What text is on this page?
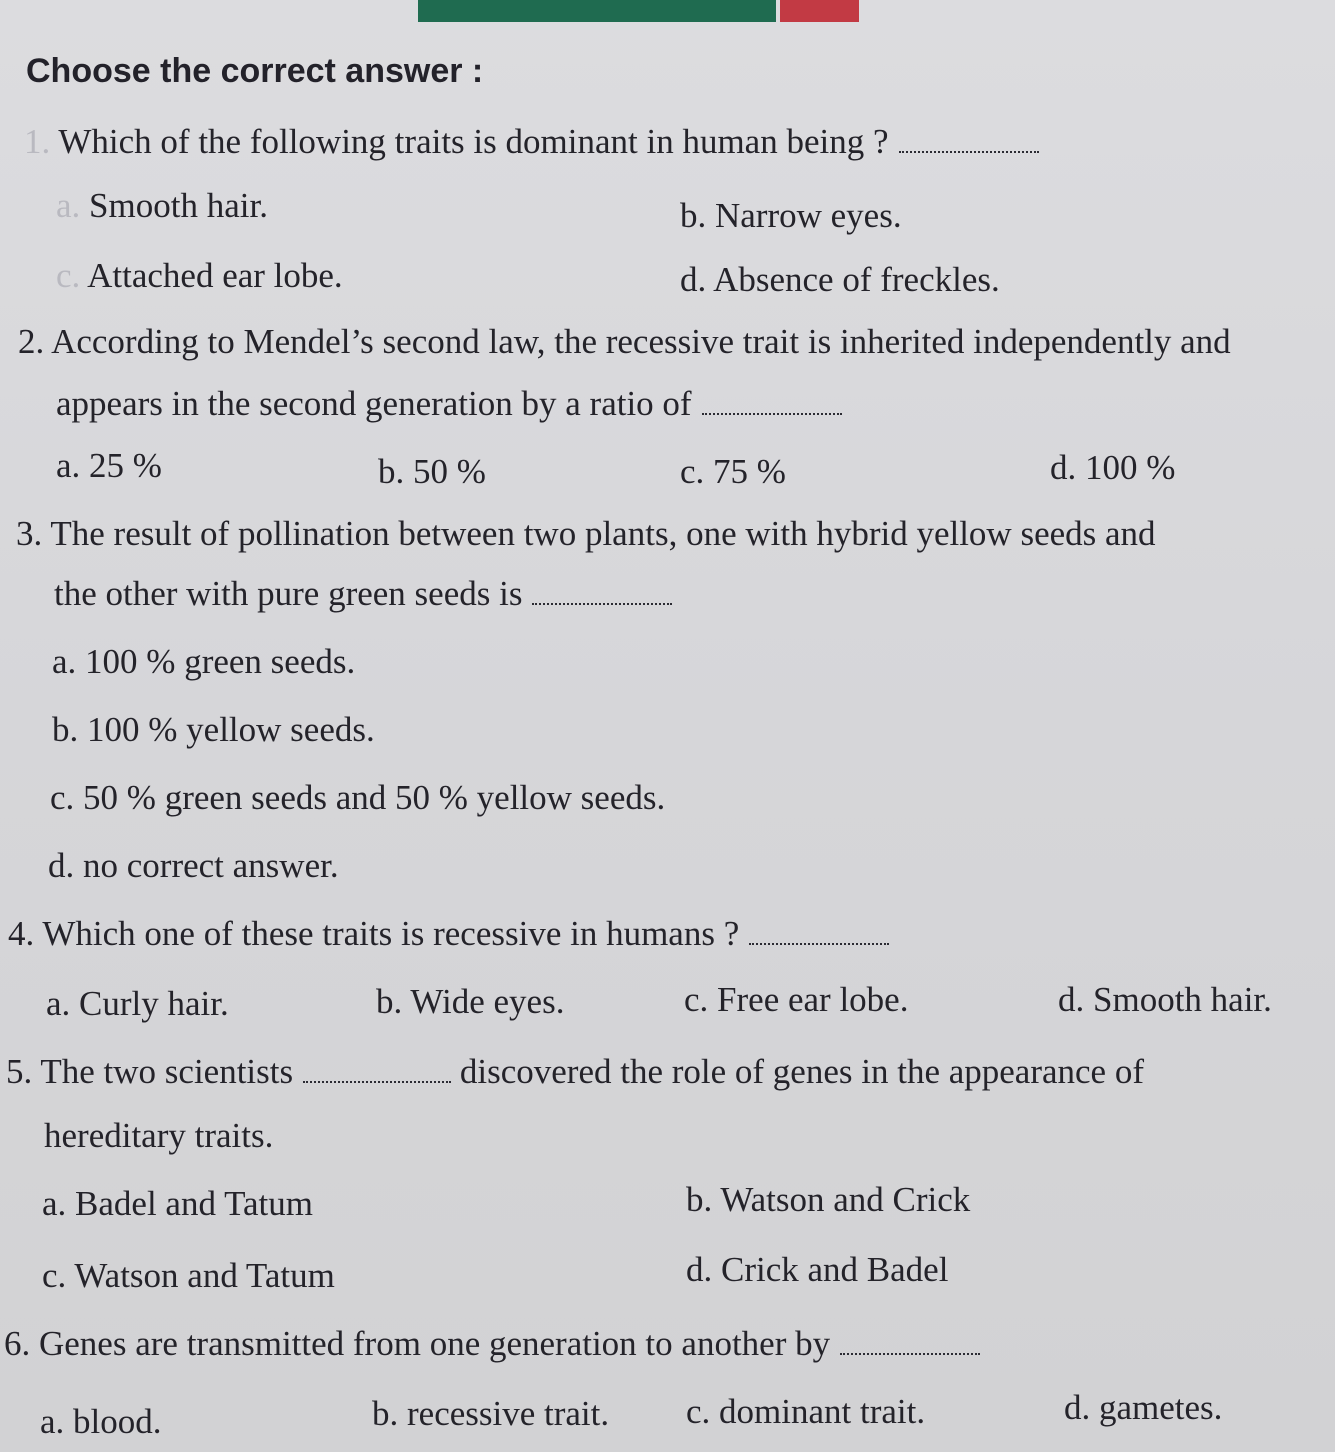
Choose the correct answer :
1. Which of the following traits is dominant in human being ?
a. Smooth hair.	b. Narrow eyes.
c. Attached ear lobe.	d. Absence of freckles.
2. According to Mendel’s second law, the recessive trait is inherited independently and
appears in the second generation by a ratio of
a. 25 %	b. 50 %	c. 75 %	d. 100 %
3. The result of pollination between two plants, one with hybrid yellow seeds and
the other with pure green seeds is
a. 100 % green seeds.
b. 100 % yellow seeds.
c. 50 % green seeds and 50 % yellow seeds.
d. no correct answer.
4. Which one of these traits is recessive in humans ?
a. Curly hair.	b. Wide eyes.	c. Free ear lobe.	d. Smooth hair.
5. The two scientists	discovered the role of genes in the appearance of
hereditary traits.
a. Badel and Tatum	b. Watson and Crick
c. Watson and Tatum	d. Crick and Badel
6. Genes are transmitted from one generation to another by
a. blood.	b. recessive trait. c. dominant trait.	d. gametes.
